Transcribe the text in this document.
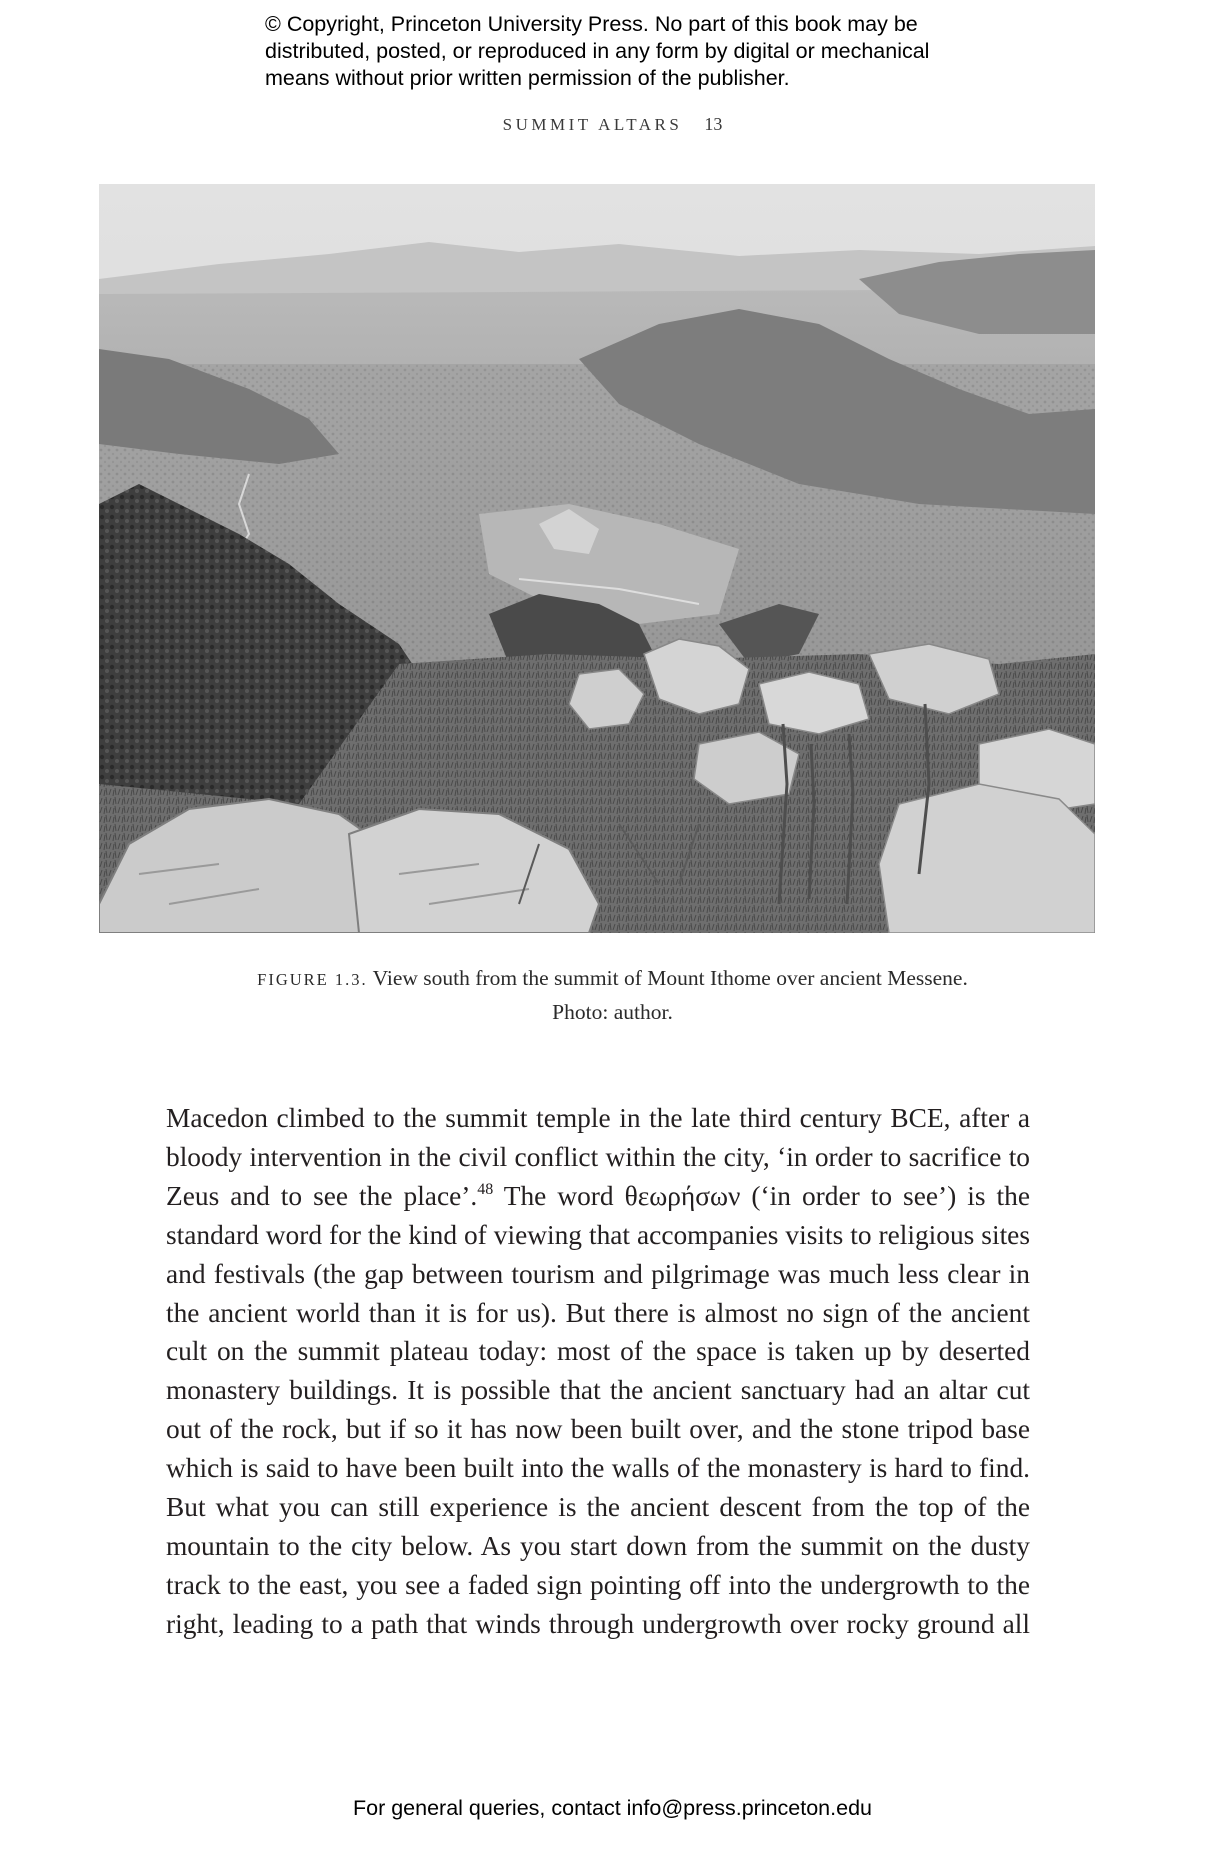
© Copyright, Princeton University Press. No part of this book may be
distributed, posted, or reproduced in any form by digital or mechanical
means without prior written permission of the publisher.
SUMMIT ALTARS 13
FIGURE 1.3. View south from the summit of Mount Ithome over ancient Messene.
Photo: author.
Macedon climbed to the summit temple in the late third century BCE, after a
bloody intervention in the civil conflict within the city, ‘in order to sacrifice to
Zeus and to see the place’.$^{48}$ The word θεωρήσων (‘in order to see’) is the
standard word for the kind of viewing that accompanies visits to religious sites
and festivals (the gap between tourism and pilgrimage was much less clear in
the ancient world than it is for us). But there is almost no sign of the ancient
cult on the summit plateau today: most of the space is taken up by deserted
monastery buildings. It is possible that the ancient sanctuary had an altar cut
out of the rock, but if so it has now been built over, and the stone tripod base
which is said to have been built into the walls of the monastery is hard to find.
But what you can still experience is the ancient descent from the top of the
mountain to the city below. As you start down from the summit on the dusty
track to the east, you see a faded sign pointing off into the undergrowth to the
right, leading to a path that winds through undergrowth over rocky ground all
For general queries, contact info@press.princeton.edu
